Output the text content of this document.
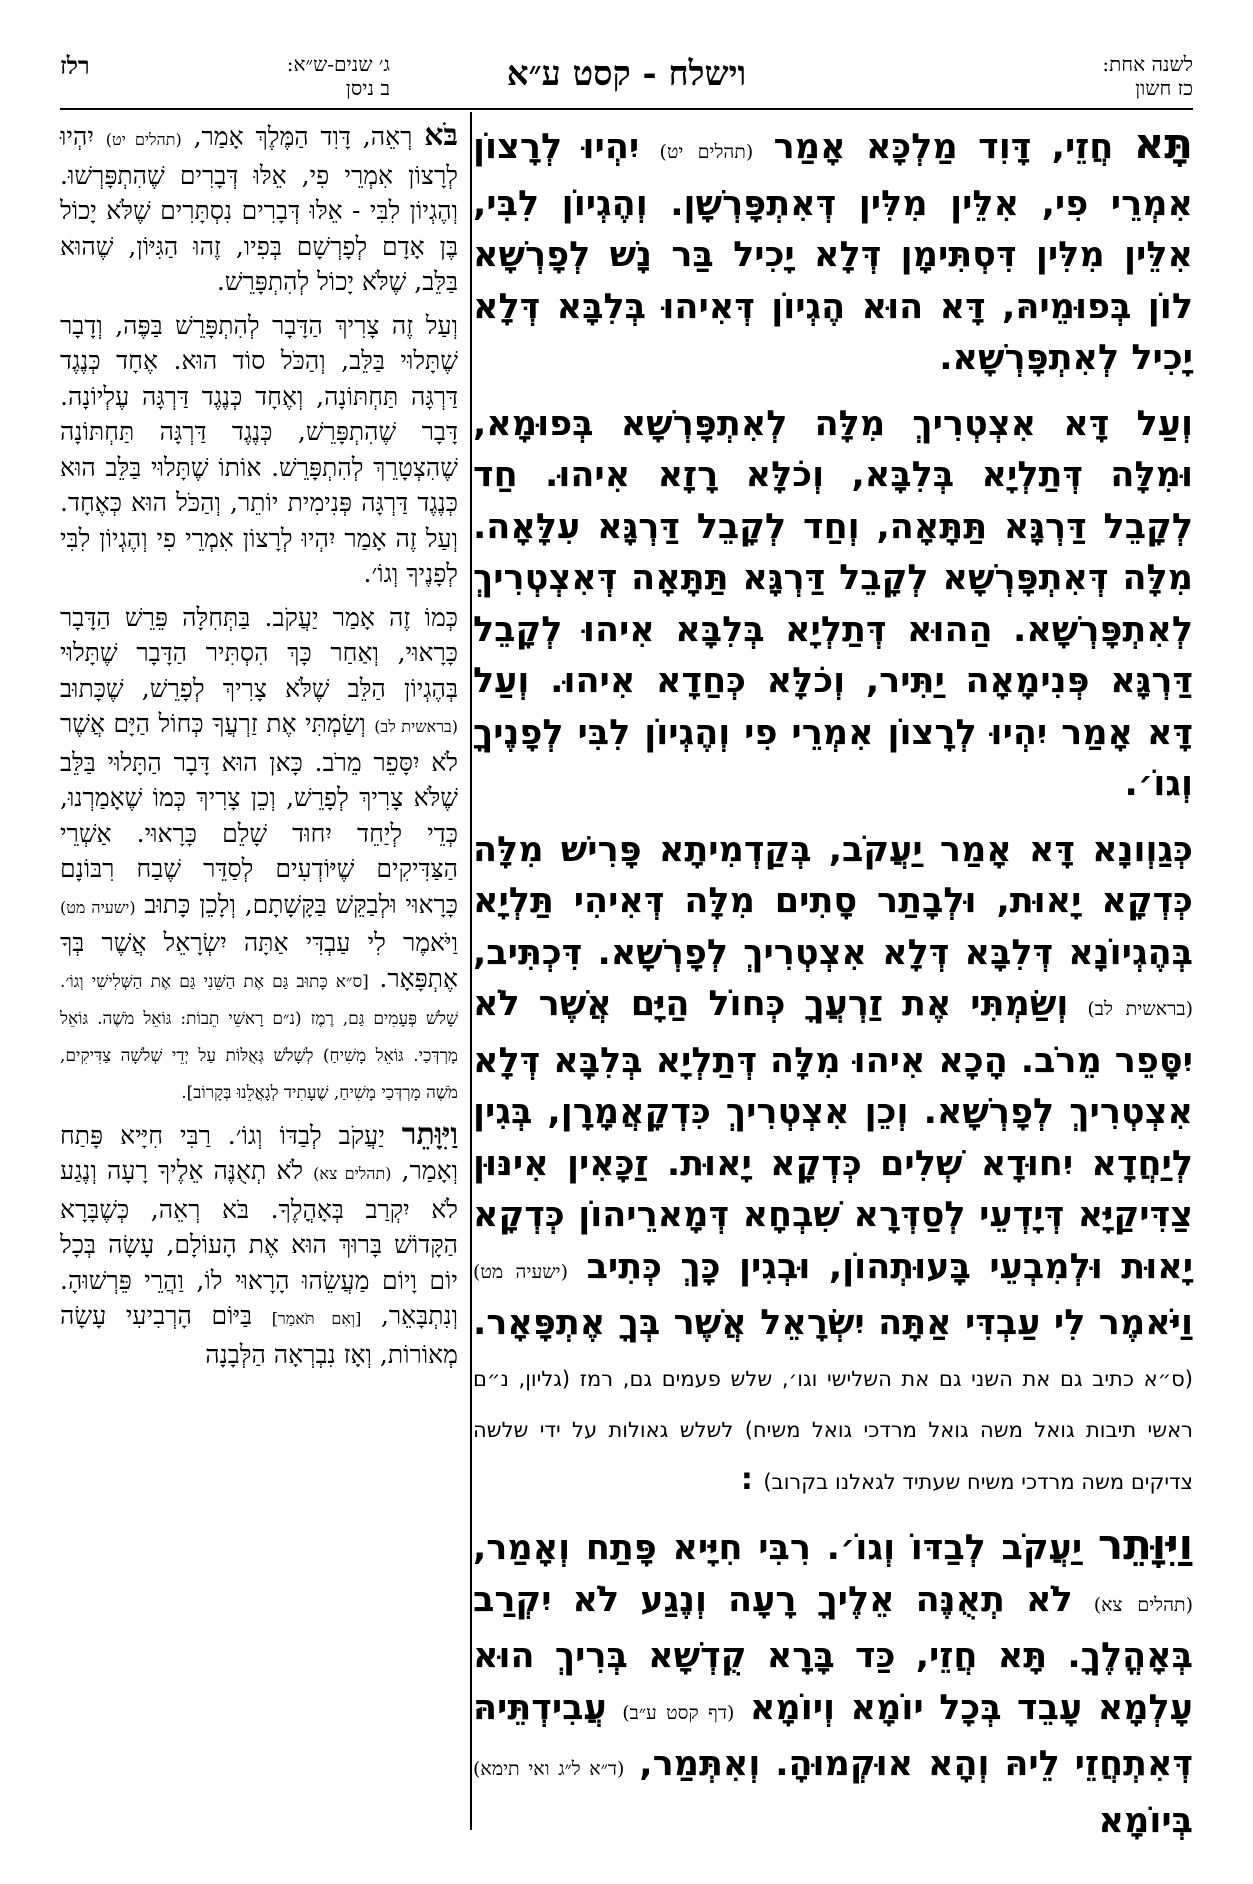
לשנה אחת:
כז חשון
וישלח - קסט ע״א
ג׳ שנים-ש״א:
ב ניסן
רלז

תָּא חֲזֵי, דָּוִד מַלְכָּא אָמַר (תהלים יט) יִהְיוּ לְרָצוֹן אִמְרֵי פִי, אִלֵּין מִלִּין דְּאִתְפָּרְשָׁן. וְהֶגְיוֹן לִבִּי, אִלֵּין מִלִּין דִּסְתִּימָן דְּלָא יָכִיל בַּר נָשׁ לְפָרְשָׁא לוֹן בְּפוּמֵיהּ, דָּא הוּא הֶגְיוֹן דְּאִיהוּ בְּלִבָּא דְּלָא יָכִיל לְאִתְפָּרְשָׁא.

וְעַל דָּא אִצְטְרִיךְ מִלָּה לְאִתְפָּרְשָׁא בְּפוּמָא, וּמִלָּה דְּתַלְיָא בְּלִבָּא, וְכֹלָּא רָזָא אִיהוּ. חַד לְקָבֵל דַּרְגָּא תַּתָּאָה, וְחַד לְקָבֵל דַּרְגָּא עִלָּאָה. מִלָּה דְּאִתְפָּרְשָׁא לְקָבֵל דַּרְגָּא תַּתָּאָה דְּאִצְטְרִיךְ לְאִתְפָּרְשָׁא. הַהוּא דְּתַלְיָא בְּלִבָּא אִיהוּ לְקָבֵל דַּרְגָּא פְּנִימָאָה יַתִּיר, וְכֹלָּא כְּחַדָא אִיהוּ. וְעַל דָּא אָמַר יִהְיוּ לְרָצוֹן אִמְרֵי פִי וְהֶגְיוֹן לִבִּי לְפָנֶיךָ וְגוֹ׳.

כְּגַוְונָא דָּא אָמַר יַעֲקֹב, בְּקַדְמִיתָא פָּרִישׁ מִלָּה כְּדְקָא יָאוּת, וּלְבָתַר סָתִים מִלָּה דְּאִיהִי תַּלְיָא בְּהֶגְיוֹנָא דְּלִבָּא דְּלָא אִצְטְרִיךְ לְפָרְשָׁא. דִּכְתִּיב, (בראשית לב) וְשַׂמְתִּי אֶת זַרְעֲךָ כְּחוֹל הַיָּם אֲשֶׁר לֹא יִסָּפֵר מֵרֹב. הָכָא אִיהוּ מִלָּה דְּתַלְיָא בְּלִבָּא דְּלָא אִצְטְרִיךְ לְפָרְשָׁא. וְכֵן אִצְטְרִיךְ כִּדְקָאֲמָרָן, בְּגִין לְיַחֲדָא יִחוּדָא שְׁלִים כְּדְקָא יָאוּת. זַכָּאִין אִינּוּן צַדִּיקַיָּא דְּיָדְעֵי לְסַדְּרָא שִׁבְחָא דְּמָארֵיהוֹן כְּדְקָא יָאוּת וּלְמִבְעֵי בָּעוּתְהוֹן, וּבְגִין כָּךְ כְּתִיב (ישעיה מט) וַיֹּאמֶר לִי עַבְדִּי אַתָּה יִשְׂרָאֵל אֲשֶׁר בְּךָ אֶתְפָּאָר. (ס״א כתיב גם את השני גם את השלישי וגו׳, שלש פעמים גם, רמז (גליון, נ״ם ראשי תיבות גואל משה גואל מרדכי גואל משיח) לשלש גאולות על ידי שלשה צדיקים משה מרדכי משיח שעתיד לגאלנו בקרוב) :

וַיִּוָּתֵר יַעֲקֹב לְבַדּוֹ וְגוֹ׳. רִבִּי חִיָּיא פָּתַח וְאָמַר, (תהלים צא) לֹא תְאֻנֶּה אֵלֶיךָ רָעָה וְנֶגַע לֹא יִקְרַב בְּאָהֳלֶךָ. תָּא חֲזֵי, כַּד בָּרָא קֻדְשָׁא בְּרִיךְ הוּא עָלְמָא עָבֵד בְּכָל יוֹמָא וְיוֹמָא (דף קסט ע״ב) עֲבִידְתֵּיהּ דְּאִתְחֲזֵי לֵיהּ וְהָא אוּקְמוּהָ. וְאִתְּמַר, (ד״א ל״ג ואי תימא) בְּיוֹמָא

בֹּא רְאֵה, דָּוִד הַמֶּלֶךְ אָמַר, (תהלים יט) יִהְיוּ לְרָצוֹן אִמְרֵי פִי, אֵלּוּ דְּבָרִים שֶׁהִתְפָּרְשׁוּ. וְהֶגְיוֹן לִבִּי - אֵלּוּ דְּבָרִים נִסְתָּרִים שֶׁלֹּא יָכוֹל בֶּן אָדָם לְפָרְשָׁם בְּפִיו, זֶהוּ הַגִּיּוֹן, שֶׁהוּא בַּלֵּב, שֶׁלֹּא יָכוֹל לְהִתְפָּרֵשׁ.

וְעַל זֶה צָרִיךְ הַדָּבָר לְהִתְפָּרֵשׁ בַּפֶּה, וְדָבָר שֶׁתָּלוּי בַּלֵּב, וְהַכֹּל סוֹד הוּא. אֶחָד כְּנֶגֶד דַּרְגָּה תַּחְתּוֹנָה, וְאֶחָד כְּנֶגֶד דַּרְגָּה עֶלְיוֹנָה. דָּבָר שֶׁהִתְפָּרֵשׁ, כְּנֶגֶד דַּרְגָּה תַּחְתּוֹנָה שֶׁהִצְטָרֵךְ לְהִתְפָּרֵשׁ. אוֹתוֹ שֶׁתָּלוּי בַּלֵּב הוּא כְּנֶגֶד דַּרְגָּה פְּנִימִית יוֹתֵר, וְהַכֹּל הוּא כְּאֶחָד. וְעַל זֶה אָמַר יִהְיוּ לְרָצוֹן אִמְרֵי פִי וְהֶגְיוֹן לִבִּי לְפָנֶיךָ וְגוֹ׳.

כְּמוֹ זֶה אָמַר יַעֲקֹב. בַּתְּחִלָּה פֵּרֵשׁ הַדָּבָר כָּרָאוּי, וְאַחַר כָּךְ הִסְתִּיר הַדָּבָר שֶׁתָּלוּי בְּהֶגְיוֹן הַלֵּב שֶׁלֹּא צָרִיךְ לְפָרֵשׁ, שֶׁכָּתוּב (בראשית לב) וְשַׂמְתִּי אֶת זַרְעֲךָ כְּחוֹל הַיָּם אֲשֶׁר לֹא יִסָּפֵר מֵרֹב. כָּאן הוּא דָּבָר הַתָּלוּי בַּלֵּב שֶׁלֹּא צָרִיךְ לְפָרֵשׁ, וְכֵן צָרִיךְ כְּמוֹ שֶׁאָמַרְנוּ, כְּדֵי לְיַחֵד יִחוּד שָׁלֵם כָּרָאוּי. אַשְׁרֵי הַצַּדִּיקִים שֶׁיּוֹדְעִים לְסַדֵּר שֶׁבַח רִבּוֹנָם כָּרָאוּי וּלְבַקֵּשׁ בַּקָּשָׁתָם, וְלָכֵן כָּתוּב (ישעיה מט) וַיֹּאמֶר לִי עַבְדִּי אַתָּה יִשְׂרָאֵל אֲשֶׁר בְּךָ אֶתְפָּאָר. [ס״א כָּתוּב גַּם אֶת הַשֵּׁנִי גַּם אֶת הַשְּׁלִישִׁי וְגוֹ׳. שָׁלֹשׁ פְּעָמִים גַּם, רֶמֶז (נ״ם רָאשֵׁי תֵבוֹת: גּוֹאֵל מֹשֶׁה. גּוֹאֵל מָרְדְּכַי. גּוֹאֵל מָשִׁיחַ) לְשָׁלֹשׁ גְּאֻלּוֹת עַל יְדֵי שְׁלֹשָׁה צַדִּיקִים, מֹשֶׁה מָרְדְּכַי מָשִׁיחַ, שֶׁעָתִיד לְגָאֳלֵנוּ בְּקָרוֹב].

וַיִּוָּתֵר יַעֲקֹב לְבַדּוֹ וְגוֹ׳. רַבִּי חִיָּיא פָּתַח וְאָמַר, (תהלים צא) לֹא תְאֻנֶּה אֵלֶיךָ רָעָה וְנֶגַע לֹא יִקְרַב בְּאָהֳלֶךָ. בֹּא רְאֵה, כְּשֶׁבָּרָא הַקָּדוֹשׁ בָּרוּךְ הוּא אֶת הָעוֹלָם, עָשָׂה בְּכָל יוֹם וָיוֹם מַעֲשֵׂהוּ הָרָאוּי לוֹ, וַהֲרֵי פֵּרְשׁוּהָ. וְנִתְבָּאֵר, [וְאִם תֹּאמַר] בַּיּוֹם הָרְבִיעִי עָשָׂה מְאוֹרוֹת, וְאָז נִבְרְאָה הַלְּבָנָה
